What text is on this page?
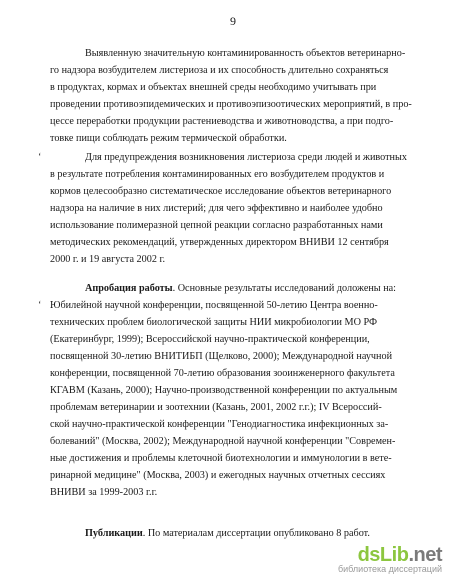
9
Выявленную значительную контаминированность объектов ветеринарно-
го надзора возбудителем листериоза и их способность длительно сохраняться
в продуктах, кормах и объектах внешней среды необходимо учитывать при
проведении противоэпидемических и противоэпизоотических мероприятий, в про-
цессе переработки продукции растениеводства и животноводства, а при подго-
товке пищи соблюдать режим термической обработки.
Для предупреждения возникновения листериоза среди людей и животных
в результате потребления контаминированных его возбудителем продуктов и
кормов целесообразно систематическое исследование объектов ветеринарного
надзора на наличие в них листерий; для чего эффективно и наиболее удобно
использование полимеразной цепной реакции согласно разработанных нами
методических рекомендаций, утвержденных директором ВНИВИ 12 сентября
2000 г. и 19 августа 2002 г.
Апробация работы. Основные результаты исследований доложены на:
Юбилейной научной конференции, посвященной 50-летию Центра военно-
технических проблем биологической защиты НИИ микробиологии МО РФ
(Екатеринбург, 1999); Всероссийской научно-практической конференции,
посвященной 30-летию ВНИТИБП (Щелково, 2000); Международной научной
конференции, посвященной 70-летию образования зооинженерного факультета
КГАВМ (Казань, 2000); Научно-производственной конференции по актуальным
проблемам ветеринарии и зоотехнии (Казань, 2001, 2002 г.г.); IV Всероссий-
ской научно-практической конференции "Генодиагностика инфекционных за-
болеваний" (Москва, 2002); Международной научной конференции "Современ-
ные достижения и проблемы клеточной биотехнологии и иммунологии в вете-
ринарной медицине" (Москва, 2003) и ежегодных научных отчетных сессиях
ВНИВИ за 1999-2003 г.г.
Публикации. По материалам диссертации опубликовано 8 работ.
‘
‘
dsLib.net
библиотека диссертаций
